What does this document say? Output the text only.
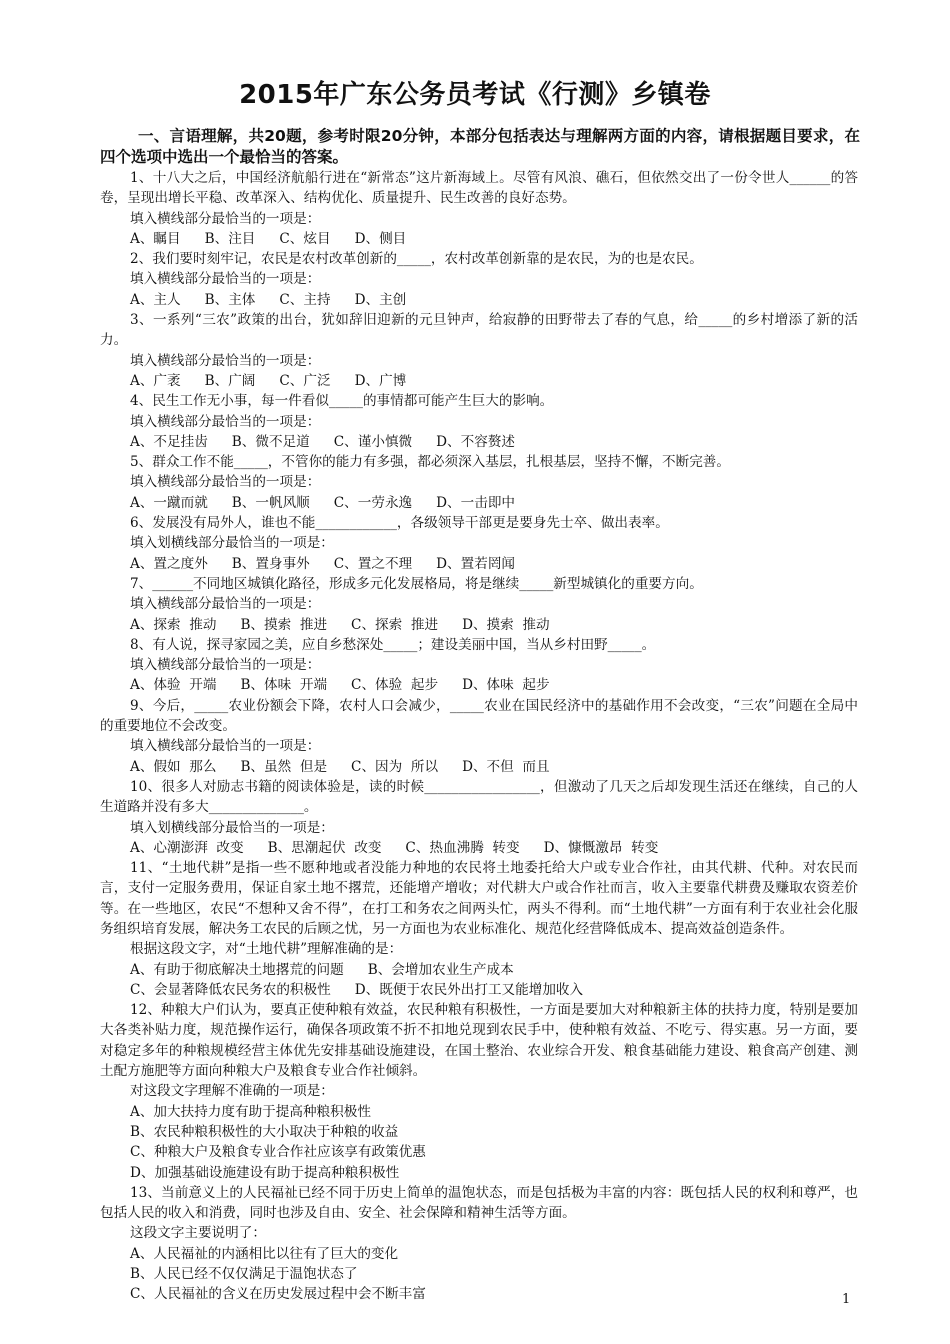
2015年广东公务员考试《行测》乡镇卷
一、言语理解，共20题，参考时限20分钟，本部分包括表达与理解两方面的内容，请根据题目要求，在四个选项中选出一个最恰当的答案。

1、十八大之后，中国经济航船行进在“新常态”这片新海域上。尽管有风浪、礁石，但依然交出了一份令世人______的答卷，呈现出增长平稳、改革深入、结构优化、质量提升、民生改善的良好态势。

填入横线部分最恰当的一项是：

A、瞩目 B、注目 C、炫目 D、侧目

2、我们要时刻牢记，农民是农村改革创新的_____，农村改革创新靠的是农民，为的也是农民。

填入横线部分最恰当的一项是：

A、主人 B、主体 C、主持 D、主创

3、一系列“三农”政策的出台，犹如辞旧迎新的元旦钟声，给寂静的田野带去了春的气息，给_____的乡村增添了新的活力。

填入横线部分最恰当的一项是：

A、广袤 B、广阔 C、广泛 D、广博

4、民生工作无小事，每一件看似_____的事情都可能产生巨大的影响。

填入横线部分最恰当的一项是：

A、不足挂齿 B、微不足道 C、谨小慎微 D、不容赘述

5、群众工作不能_____，不管你的能力有多强，都必须深入基层，扎根基层，坚持不懈，不断完善。

填入横线部分最恰当的一项是：

A、一蹴而就 B、一帆风顺 C、一劳永逸 D、一击即中

6、发展没有局外人，谁也不能____________，各级领导干部更是要身先士卒、做出表率。

填入划横线部分最恰当的一项是：

A、置之度外 B、置身事外 C、置之不理 D、置若罔闻

7、______不同地区城镇化路径，形成多元化发展格局，将是继续_____新型城镇化的重要方向。

填入横线部分最恰当的一项是：

A、探索  推动 B、摸索  推进 C、探索  推进 D、摸索  推动

8、有人说，探寻家园之美，应自乡愁深处_____；建设美丽中国，当从乡村田野_____。

填入横线部分最恰当的一项是：

A、体验  开端 B、体味  开端 C、体验  起步 D、体味  起步

9、今后，_____农业份额会下降，农村人口会减少，_____农业在国民经济中的基础作用不会改变，“三农”问题在全局中的重要地位不会改变。

填入横线部分最恰当的一项是：

A、假如  那么 B、虽然  但是 C、因为  所以 D、不但  而且

10、很多人对励志书籍的阅读体验是，读的时候_________________，但激动了几天之后却发现生活还在继续，自己的人生道路并没有多大______________。

填入划横线部分最恰当的一项是：

A、心潮澎湃  改变 B、思潮起伏  改变 C、热血沸腾  转变 D、慷慨激昂  转变

11、“土地代耕”是指一些不愿种地或者没能力种地的农民将土地委托给大户或专业合作社，由其代耕、代种。对农民而言，支付一定服务费用，保证自家土地不撂荒，还能增产增收；对代耕大户或合作社而言，收入主要靠代耕费及赚取农资差价等。在一些地区，农民“不想种又舍不得”，在打工和务农之间两头忙，两头不得利。而“土地代耕”一方面有利于农业社会化服务组织培育发展，解决务工农民的后顾之忧，另一方面也为农业标准化、规范化经营降低成本、提高效益创造条件。

根据这段文字，对“土地代耕”理解准确的是：

A、有助于彻底解决土地撂荒的问题 B、会增加农业生产成本

C、会显著降低农民务农的积极性 D、既便于农民外出打工又能增加收入

12、种粮大户们认为，要真正使种粮有效益，农民种粮有积极性，一方面是要加大对种粮新主体的扶持力度，特别是要加大各类补贴力度，规范操作运行，确保各项政策不折不扣地兑现到农民手中，使种粮有效益、不吃亏、得实惠。另一方面，要对稳定多年的种粮规模经营主体优先安排基础设施建设，在国土整治、农业综合开发、粮食基础能力建设、粮食高产创建、测土配方施肥等方面向种粮大户及粮食专业合作社倾斜。

对这段文字理解不准确的一项是：

A、加大扶持力度有助于提高种粮积极性

B、农民种粮积极性的大小取决于种粮的收益

C、种粮大户及粮食专业合作社应该享有政策优惠

D、加强基础设施建设有助于提高种粮积极性

13、当前意义上的人民福祉已经不同于历史上简单的温饱状态，而是包括极为丰富的内容：既包括人民的权利和尊严，也包括人民的收入和消费，同时也涉及自由、安全、社会保障和精神生活等方面。

这段文字主要说明了：

A、人民福祉的内涵相比以往有了巨大的变化

B、人民已经不仅仅满足于温饱状态了

C、人民福祉的含义在历史发展过程中会不断丰富	1
